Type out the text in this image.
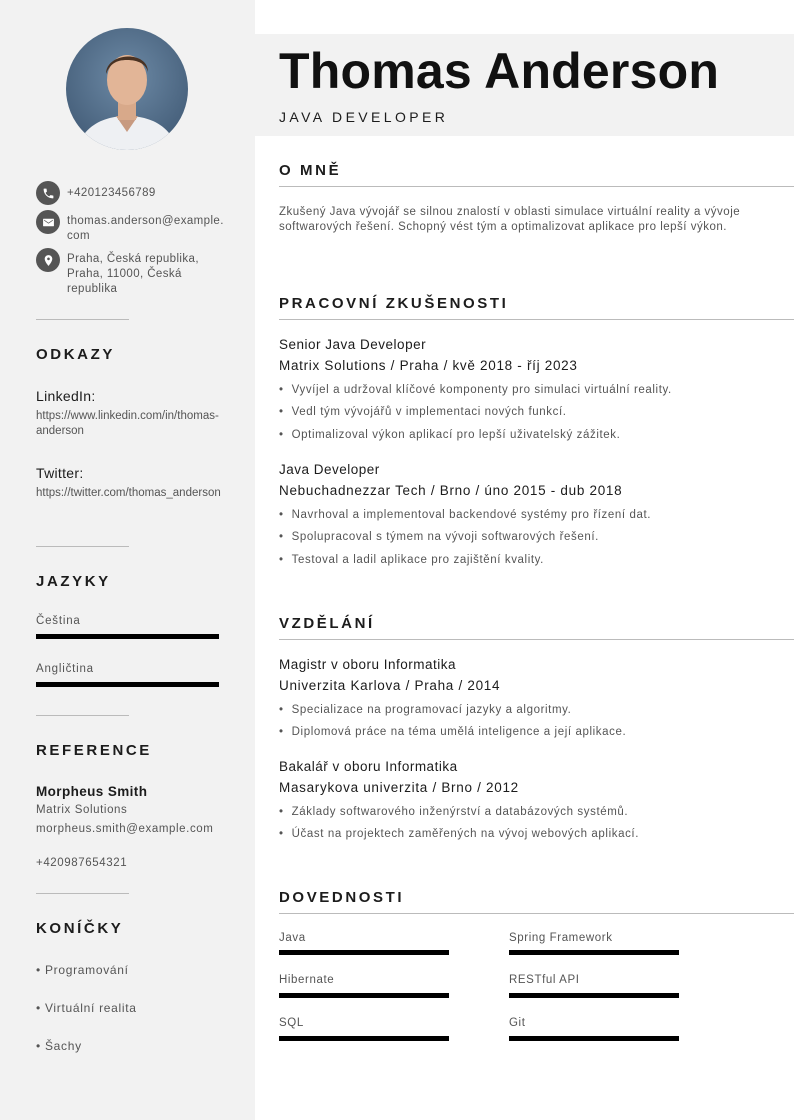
+420123456789
thomas.anderson@example.com
Praha, Česká republika, Praha, 11000, Česká republika
ODKAZY
LinkedIn:
https://www.linkedin.com/in/thomas-anderson
Twitter:
https://twitter.com/thomas_anderson
JAZYKY
Čeština
Angličtina
REFERENCE
Morpheus Smith
Matrix Solutions
morpheus.smith@example.com
+420987654321
KONÍČKY
• Programování
• Virtuální realita
• Šachy
Thomas Anderson
JAVA DEVELOPER
O MNĚ
Zkušený Java vývojář se silnou znalostí v oblasti simulace virtuální reality a vývoje softwarových řešení. Schopný vést tým a optimalizovat aplikace pro lepší výkon.
PRACOVNÍ ZKUŠENOSTI
Senior Java Developer
Matrix Solutions / Praha / kvě 2018 - říj 2023
• Vyvíjel a udržoval klíčové komponenty pro simulaci virtuální reality.
• Vedl tým vývojářů v implementaci nových funkcí.
• Optimalizoval výkon aplikací pro lepší uživatelský zážitek.
Java Developer
Nebuchadnezzar Tech / Brno / úno 2015 - dub 2018
• Navrhoval a implementoval backendové systémy pro řízení dat.
• Spolupracoval s týmem na vývoji softwarových řešení.
• Testoval a ladil aplikace pro zajištění kvality.
VZDĚLÁNÍ
Magistr v oboru Informatika
Univerzita Karlova / Praha / 2014
• Specializace na programovací jazyky a algoritmy.
• Diplomová práce na téma umělá inteligence a její aplikace.
Bakalář v oboru Informatika
Masarykova univerzita / Brno / 2012
• Základy softwarového inženýrství a databázových systémů.
• Účast na projektech zaměřených na vývoj webových aplikací.
DOVEDNOSTI
Java	Spring Framework
Hibernate	RESTful API
SQL	Git
